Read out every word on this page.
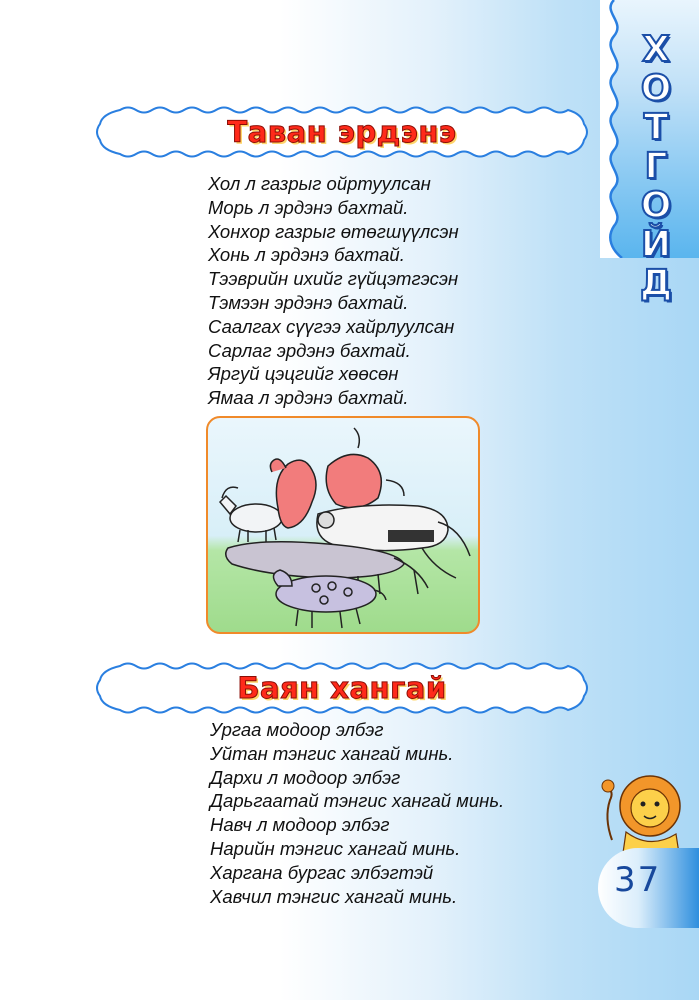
Х
О
Т
Г
О
Й
Д
Таван эрдэнэ
Хол л газрыг ойртуулсан
Морь л эрдэнэ бахтай.
Хонхор газрыг өтөгшүүлсэн
Хонь л эрдэнэ бахтай.
Тээврийн ихийг гүйцэтгэсэн
Тэмээн эрдэнэ бахтай.
Саалгах сүүгээ хайрлуулсан
Сарлаг эрдэнэ бахтай.
Яргуй цэцгийг хөөсөн
Ямаа л эрдэнэ бахтай.
Баян хангай
Ургаа модоор элбэг
Уйтан тэнгис хангай минь.
Дархи л модоор элбэг
Дарьгаатай тэнгис хангай минь.
Навч л модоор элбэг
Нарийн тэнгис хангай минь.
Харгана бургас элбэгтэй
Хавчил тэнгис хангай минь.	37
